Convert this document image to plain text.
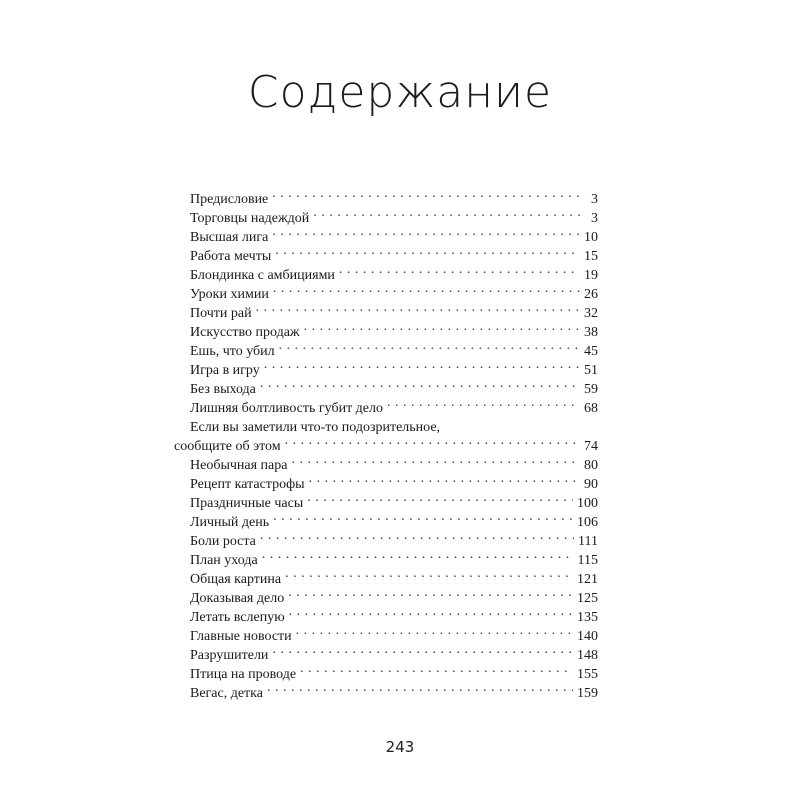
Содержание
Предисловие . . .	3
Торговцы надеждой . . .	3
Высшая лига . . .	10
Работа мечты . . .	15
Блондинка с амбициями . . .	19
Уроки химии . . .	26
Почти рай . . .	32
Искусство продаж . . .	38
Ешь, что убил . . .	45
Игра в игру . . .	51
Без выхода . . .	59
Лишняя болтливость губит дело . . .	68
Если вы заметили что-то подозрительное,
сообщите об этом . . .	74
Необычная пара . . .	80
Рецепт катастрофы . . .	90
Праздничные часы . . .	100
Личный день . . .	106
Боли роста . . .	111
План ухода . . .	115
Общая картина . . .	121
Доказывая дело . . .	125
Летать вслепую . . .	135
Главные новости . . .	140
Разрушители . . .	148
Птица на проводе . . .	155
Вегас, детка . . .	159
243
